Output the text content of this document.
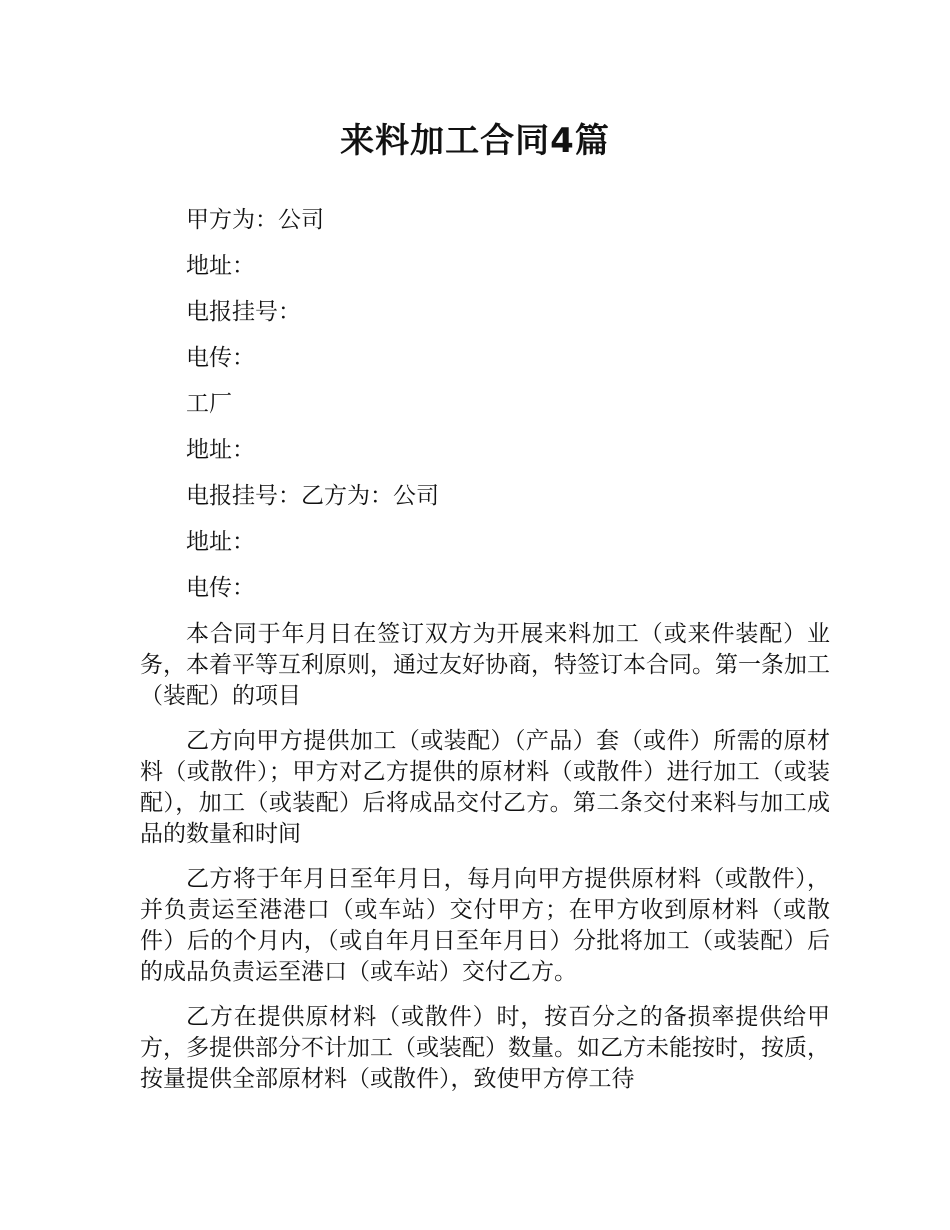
来料加工合同4篇

甲方为：公司

地址：

电报挂号：

电传：

工厂

地址：

电报挂号：乙方为：公司

地址：

电传：

本合同于年月日在签订双方为开展来料加工（或来件装配）业务，本着平等互利原则，通过友好协商，特签订本合同。第一条加工（装配）的项目

乙方向甲方提供加工（或装配）（产品）套（或件）所需的原材料（或散件）；甲方对乙方提供的原材料（或散件）进行加工（或装配），加工（或装配）后将成品交付乙方。第二条交付来料与加工成品的数量和时间

乙方将于年月日至年月日，每月向甲方提供原材料（或散件），并负责运至港港口（或车站）交付甲方；在甲方收到原材料（或散件）后的个月内，（或自年月日至年月日）分批将加工（或装配）后的成品负责运至港口（或车站）交付乙方。

乙方在提供原材料（或散件）时，按百分之的备损率提供给甲方，多提供部分不计加工（或装配）数量。如乙方未能按时，按质，按量提供全部原材料（或散件），致使甲方停工待
